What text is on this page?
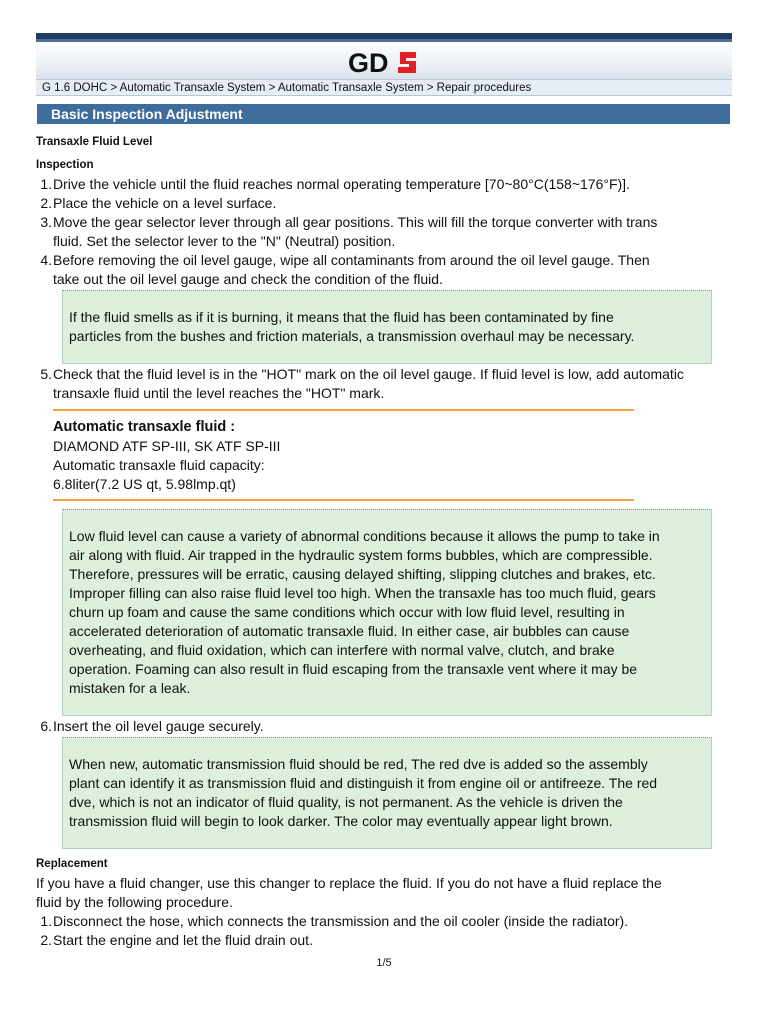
GD
G 1.6 DOHC > Automatic Transaxle System > Automatic Transaxle System > Repair procedures
Basic Inspection Adjustment
Transaxle Fluid Level
Inspection
1. Drive the vehicle until the fluid reaches normal operating temperature [70~80°C(158~176°F)].
2. Place the vehicle on a level surface.
3. Move the gear selector lever through all gear positions. This will fill the torque converter with trans
fluid. Set the selector lever to the "N" (Neutral) position.
4. Before removing the oil level gauge, wipe all contaminants from around the oil level gauge. Then
take out the oil level gauge and check the condition of the fluid.
If the fluid smells as if it is burning, it means that the fluid has been contaminated by fine
particles from the bushes and friction materials, a transmission overhaul may be necessary.
5. Check that the fluid level is in the "HOT" mark on the oil level gauge. If fluid level is low, add automatic
transaxle fluid until the level reaches the "HOT" mark.
Automatic transaxle fluid :
DIAMOND ATF SP-III, SK ATF SP-III
Automatic transaxle fluid capacity:
6.8liter(7.2 US qt, 5.98lmp.qt)
Low fluid level can cause a variety of abnormal conditions because it allows the pump to take in
air along with fluid. Air trapped in the hydraulic system forms bubbles, which are compressible.
Therefore, pressures will be erratic, causing delayed shifting, slipping clutches and brakes, etc.
Improper filling can also raise fluid level too high. When the transaxle has too much fluid, gears
churn up foam and cause the same conditions which occur with low fluid level, resulting in
accelerated deterioration of automatic transaxle fluid. In either case, air bubbles can cause
overheating, and fluid oxidation, which can interfere with normal valve, clutch, and brake
operation. Foaming can also result in fluid escaping from the transaxle vent where it may be
mistaken for a leak.
6. Insert the oil level gauge securely.
When new, automatic transmission fluid should be red, The red dve is added so the assembly
plant can identify it as transmission fluid and distinguish it from engine oil or antifreeze. The red
dve, which is not an indicator of fluid quality, is not permanent. As the vehicle is driven the
transmission fluid will begin to look darker. The color may eventually appear light brown.
Replacement
If you have a fluid changer, use this changer to replace the fluid. If you do not have a fluid replace the
fluid by the following procedure.
1. Disconnect the hose, which connects the transmission and the oil cooler (inside the radiator).
2. Start the engine and let the fluid drain out.
1/5
